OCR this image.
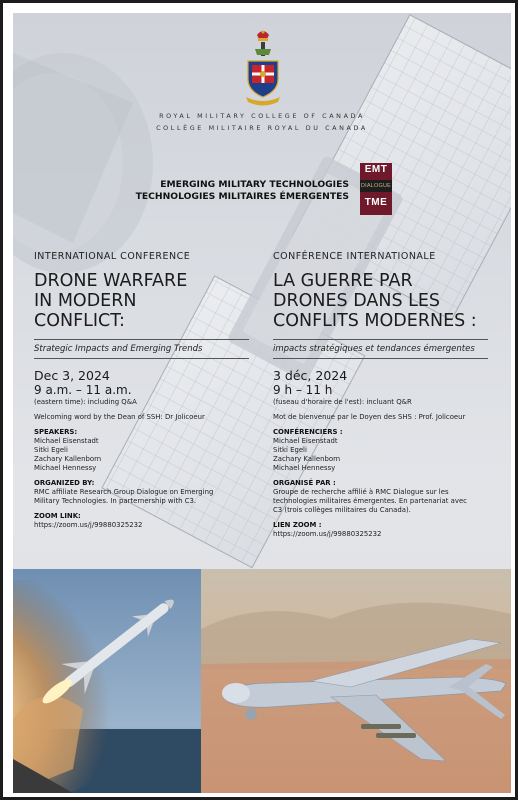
ROYAL MILITARY COLLEGE OF CANADA
COLLÈGE MILITAIRE ROYAL DU CANADA
EMERGING MILITARY TECHNOLOGIES
TECHNOLOGIES MILITAIRES ÉMERGENTES
EMT
DIALOGUE
TME
INTERNATIONAL CONFERENCE
DRONE WARFARE
IN MODERN
CONFLICT:
Strategic Impacts and Emerging Trends
Dec 3, 2024
9 a.m. – 11 a.m.
(eastern time): including Q&A
Welcoming word by the Dean of SSH: Dr Jolicoeur
SPEAKERS:
Michael Eisenstadt
Sitki Egeli
Zachary Kallenborn
Michael Hennessy
ORGANIZED BY:
RMC affiliate Research Group Dialogue on Emerging
Military Technologies. In parternership with C3.
ZOOM LINK:
https://zoom.us/j/99880325232
CONFÉRENCE INTERNATIONALE
LA GUERRE PAR
DRONES DANS LES
CONFLITS MODERNES :
impacts stratégiques et tendances émergentes
3 déc, 2024
9 h – 11 h
(fuseau d'horaire de l'est): incluant Q&R
Mot de bienvenue par le Doyen des SHS : Prof. Jolicoeur
CONFÉRENCIERS :
Michael Eisenstadt
Sitki Egeli
Zachary Kallenborn
Michael Hennessy
ORGANISÉ PAR :
Groupe de recherche affilié à RMC Dialogue sur les
technologies militaires émergentes. En partenariat avec
C3 (trois collèges militaires du Canada).
LIEN ZOOM :
https://zoom.us/j/99880325232
